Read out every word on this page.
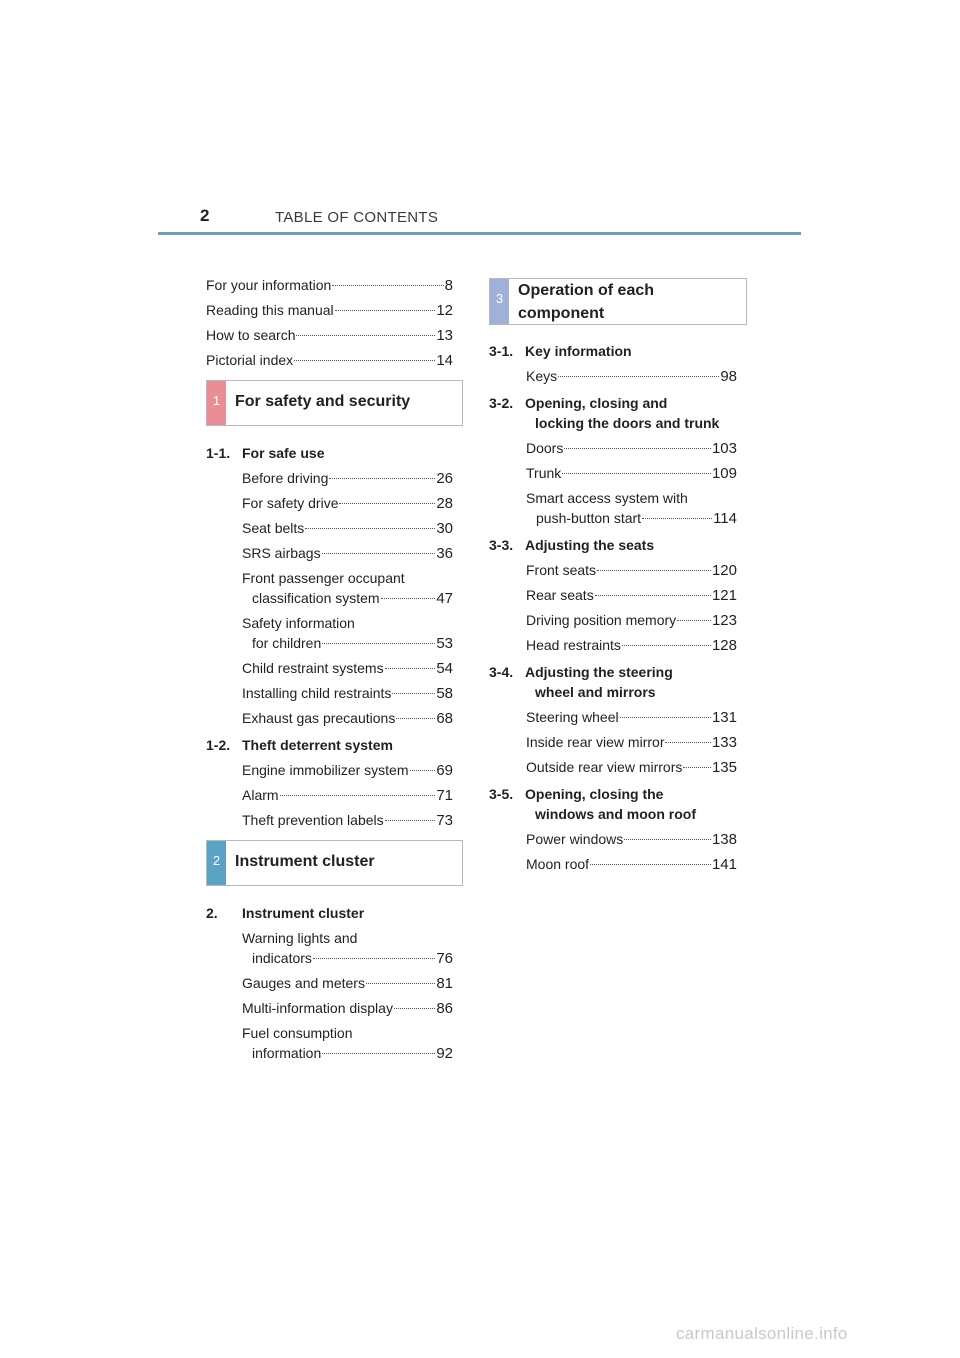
2	TABLE OF CONTENTS
For your information	8
Reading this manual	12
How to search	13
Pictorial index	14
1 For safety and security
1-1. For safe use
Before driving	26
For safety drive	28
Seat belts	30
SRS airbags	36
Front passenger occupant
classification system	47
Safety information
for children	53
Child restraint systems	54
Installing child restraints	58
Exhaust gas precautions	68
1-2. Theft deterrent system
Engine immobilizer system 69
Alarm	71
Theft prevention labels	73
2 Instrument cluster
2. Instrument cluster
Warning lights and
indicators	76
Gauges and meters	81
Multi-information display	86
Fuel consumption
information	92
3 Operation of each
component
3-1. Key information
Keys	98
3-2. Opening, closing and
locking the doors and trunk
Doors	103
Trunk	109
Smart access system with
push-button start	114
3-3. Adjusting the seats
Front seats	120
Rear seats	121
Driving position memory 123
Head restraints	128
3-4. Adjusting the steering
wheel and mirrors
Steering wheel	131
Inside rear view mirror	133
Outside rear view mirrors 135
3-5. Opening, closing the
windows and moon roof
Power windows	138
Moon roof	141
carmanualsonline.info
